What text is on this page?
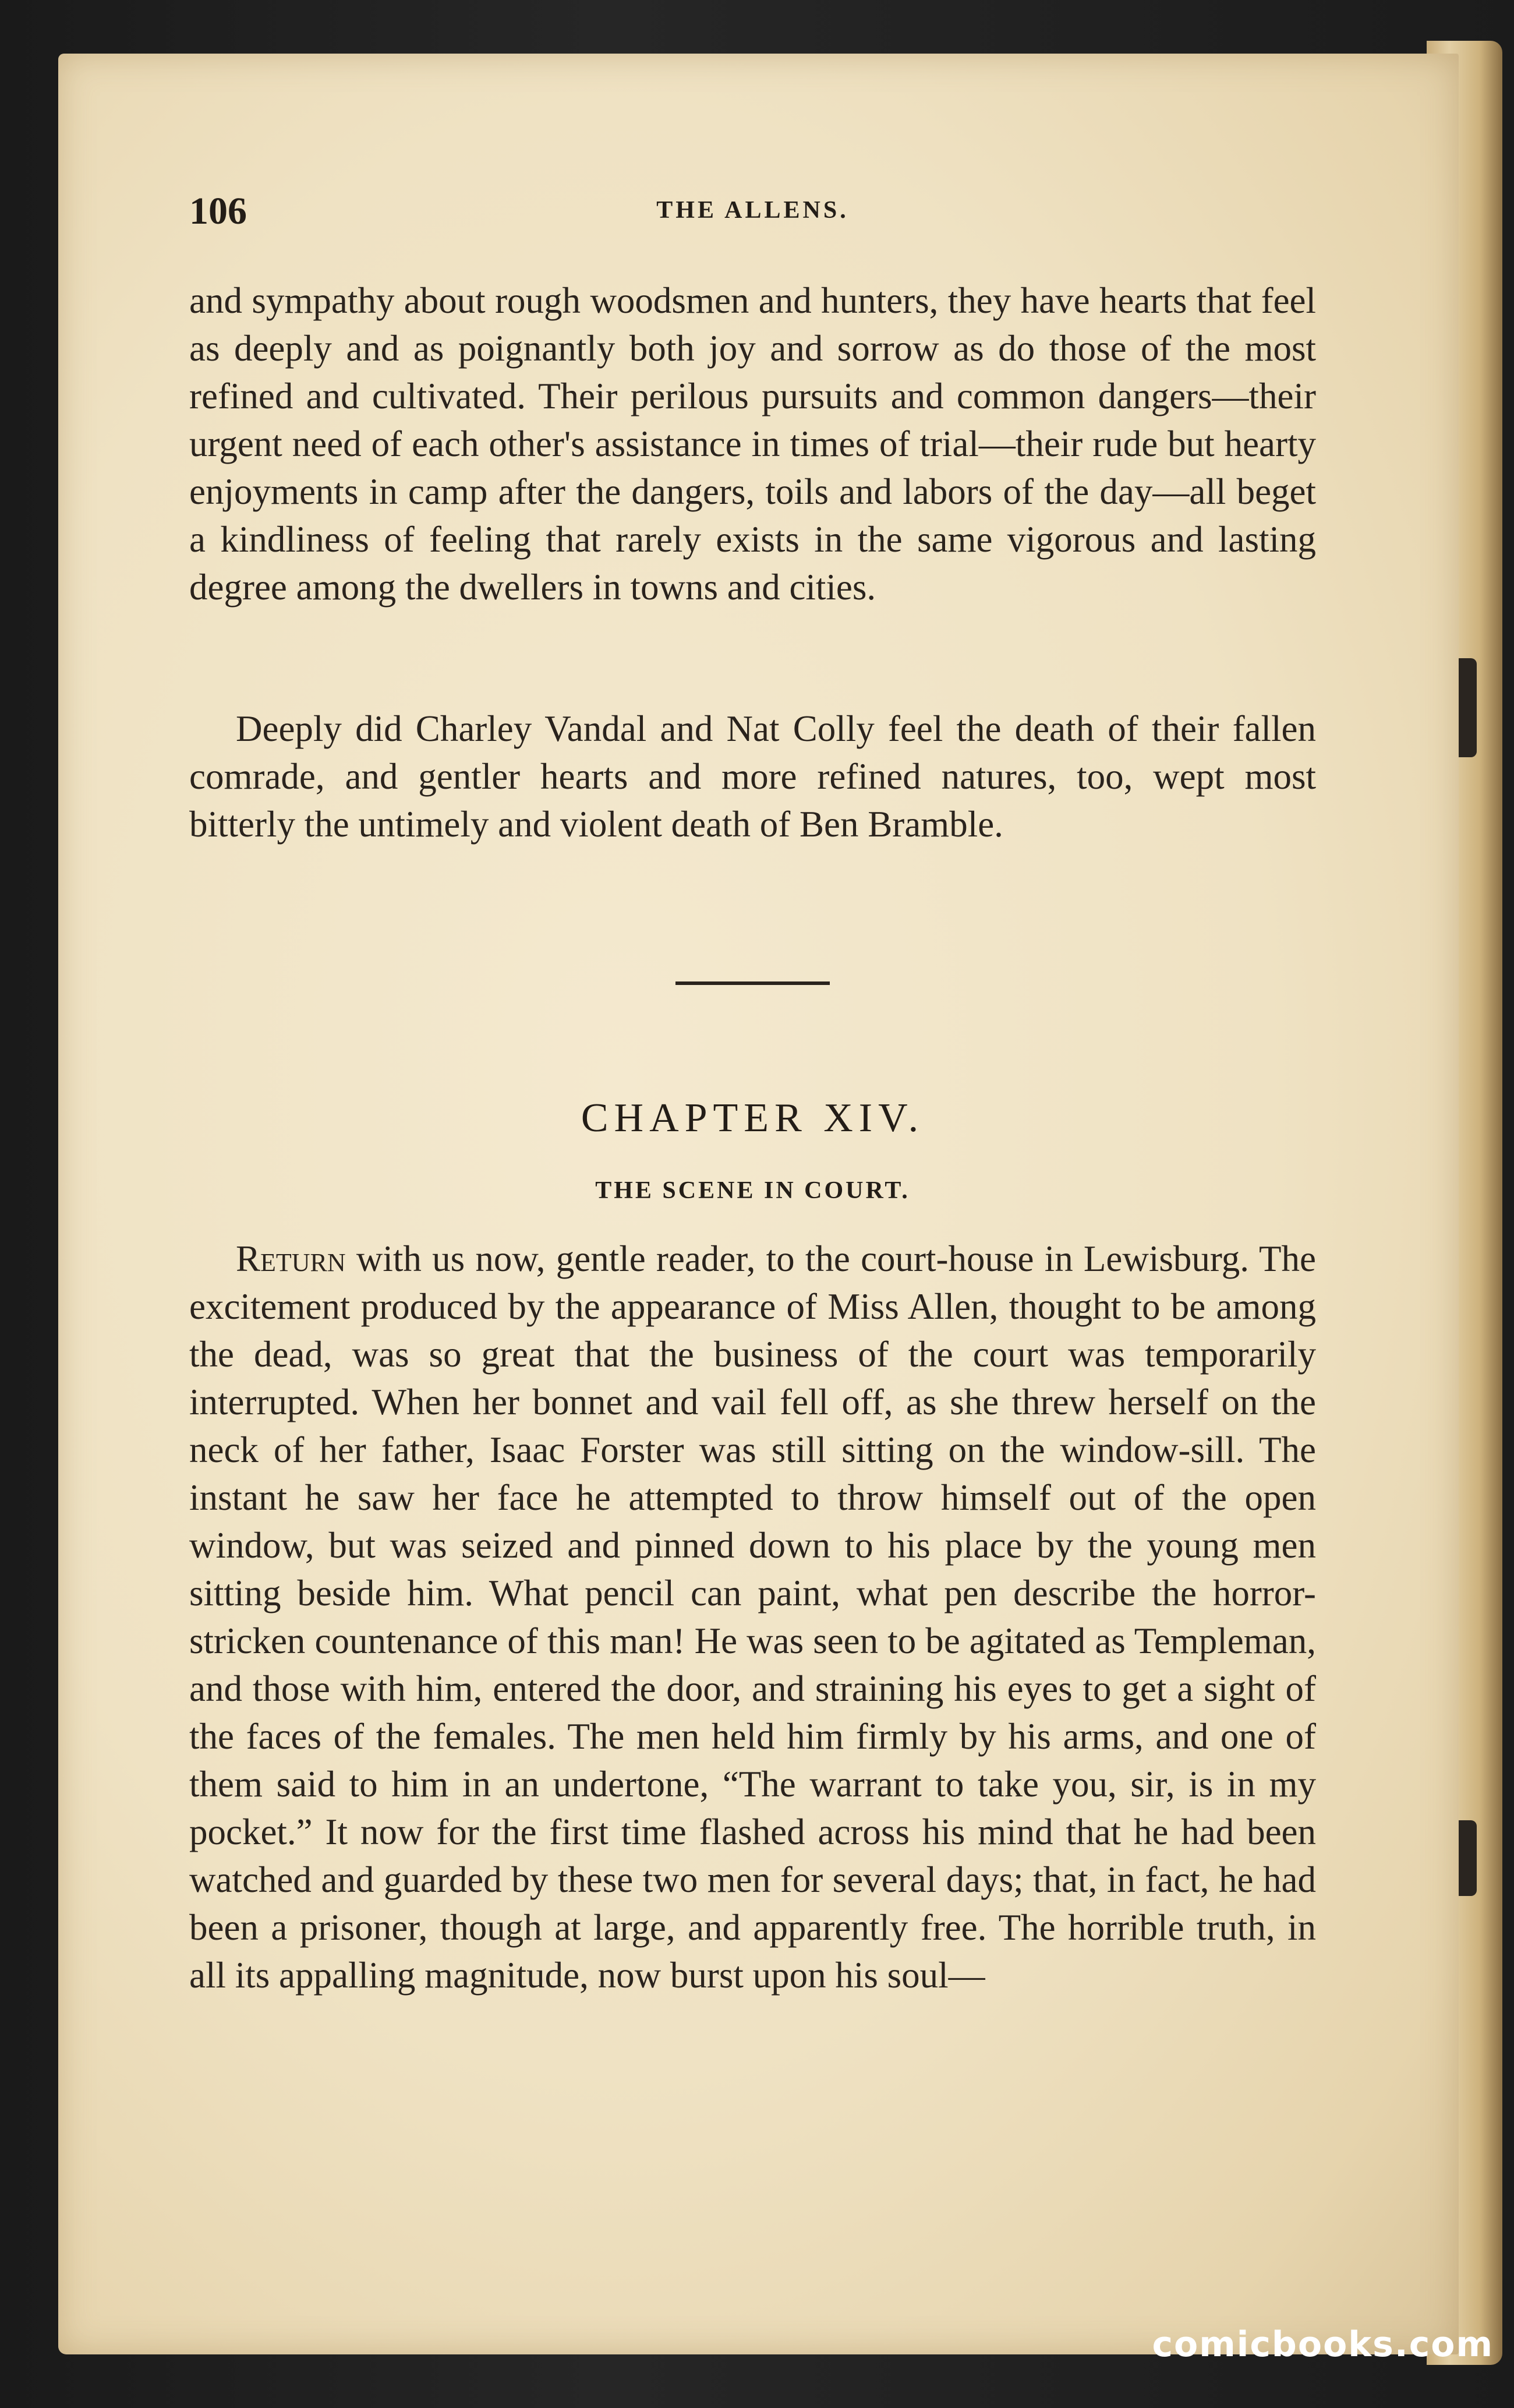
106	THE ALLENS.

and sympathy about rough woodsmen and hunters, they have hearts that feel as deeply and as poignantly both joy and sorrow as do those of the most refined and cultivated. Their perilous pursuits and common dangers—their urgent need of each other's assistance in times of trial—their rude but hearty enjoyments in camp after the dangers, toils and labors of the day—all beget a kindliness of feeling that rarely exists in the same vigorous and lasting degree among the dwellers in towns and cities.

Deeply did Charley Vandal and Nat Colly feel the death of their fallen comrade, and gentler hearts and more refined natures, too, wept most bitterly the untimely and violent death of Ben Bramble.

CHAPTER XIV.
THE SCENE IN COURT.

Return with us now, gentle reader, to the court-house in Lewisburg. The excitement produced by the appearance of Miss Allen, thought to be among the dead, was so great that the business of the court was temporarily interrupted. When her bonnet and vail fell off, as she threw herself on the neck of her father, Isaac Forster was still sitting on the window-sill. The instant he saw her face he attempted to throw himself out of the open window, but was seized and pinned down to his place by the young men sitting beside him. What pencil can paint, what pen describe the horror-stricken countenance of this man! He was seen to be agitated as Templeman, and those with him, entered the door, and straining his eyes to get a sight of the faces of the females. The men held him firmly by his arms, and one of them said to him in an undertone, “The warrant to take you, sir, is in my pocket.” It now for the first time flashed across his mind that he had been watched and guarded by these two men for several days; that, in fact, he had been a prisoner, though at large, and apparently free. The horrible truth, in all its appalling magnitude, now burst upon his soul—

comicbooks.com
